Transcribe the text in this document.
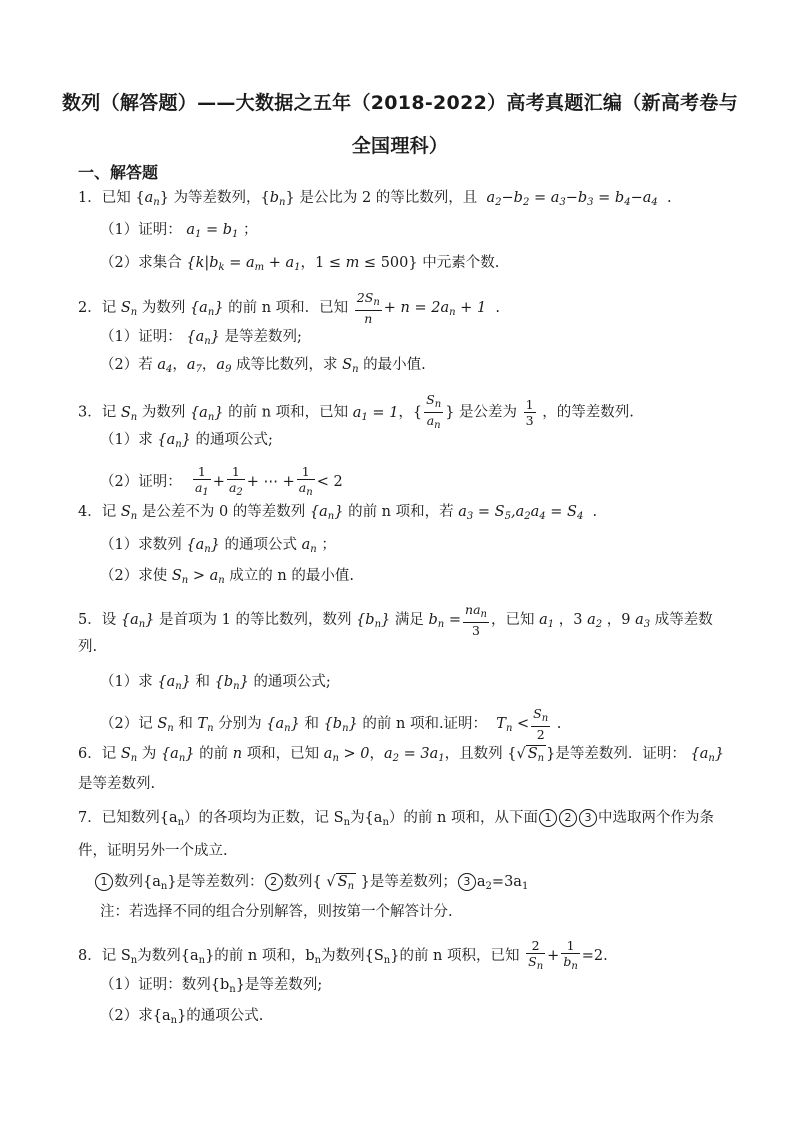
数列（解答题）——大数据之五年（2018-2022）高考真题汇编（新高考卷与
全国理科）
一、解答题
1．已知 $\{a_n\}$ 为等差数列，$\{b_n\}$ 是公比为 2 的等比数列，且  $a_2-b_2 = a_3-b_3 = b_4-a_4$  .
（1）证明： $a_1 = b_1$ ；
（2）求集合 {$k|b_k = a_m + a_1$，1 ≤ m ≤ 500} 中元素个数.
2．记 $S_n$ 为数列 $\{a_n\}$ 的前 n 项和．已知 $\frac{2S_n}{n} + n = 2a_n + 1$  .
（1）证明： $\{a_n\}$ 是等差数列;
（2）若 $a_4$，$a_7$，$a_9$ 成等比数列，求 $S_n$ 的最小值.
3．记 $S_n$ 为数列 $\{a_n\}$ 的前 n 项和，已知 $a_1 = 1$，{ $\frac{S_n}{a_n}$ } 是公差为 $\frac{1}{3}$ ，的等差数列.
（1）求 $\{a_n\}$ 的通项公式;
（2）证明： $\frac{1}{a_1} + \frac{1}{a_2}$ + ⋯ + $\frac{1}{a_n} < 2$
4．记 $S_n$ 是公差不为 0 的等差数列 $\{a_n\}$ 的前 n 项和，若 $a_3 = S_5,a_2a_4 = S_4$  .
（1）求数列 $\{a_n\}$ 的通项公式 $a_n$ ；
（2）求使 $S_n > a_n$ 成立的 n 的最小值.
5．设 $\{a_n\}$ 是首项为 1 的等比数列，数列 $\{b_n\}$ 满足 $b_n = \frac{na_n}{3}$ ，已知 $a_1$ ，3 $a_2$ ，9 $a_3$ 成等差数
列.
（1）求 $\{a_n\}$ 和 $\{b_n\}$ 的通项公式;
（2）记 $S_n$ 和 $T_n$ 分别为 $\{a_n\}$ 和 $\{b_n\}$ 的前 n 项和.证明：  $T_n < \frac{S_n}{2}$ .
6．记 $S_n$ 为 $\{a_n\}$ 的前 n 项和，已知 $a_n > 0$，$a_2 = 3a_1$，且数列 {√ $S_n$ }是等差数列．证明： $\{a_n\}$
是等差数列.
7．已知数列$\{a_n)$的各项均为正数，记 $S_n$为$\{a_n)$的前 n 项和，从下面 1 2 3 中选取两个作为条
件，证明另外一个成立.
1 数列$\{a_n\}$是等差数列： 2 数列{ √ $S_n$ }是等差数列； 3 $a_2=3a_1$
注：若选择不同的组合分别解答，则按第一个解答计分.
8．记 $S_n$为数列$\{a_n\}$的前 n 项和，$b_n$为数列$\{S_n\}$的前 n 项积，已知 $\frac{2}{S_n} + \frac{1}{b_n} =2$.
（1）证明：数列$\{b_n\}$是等差数列;
（2）求$\{a_n\}$的通项公式.
